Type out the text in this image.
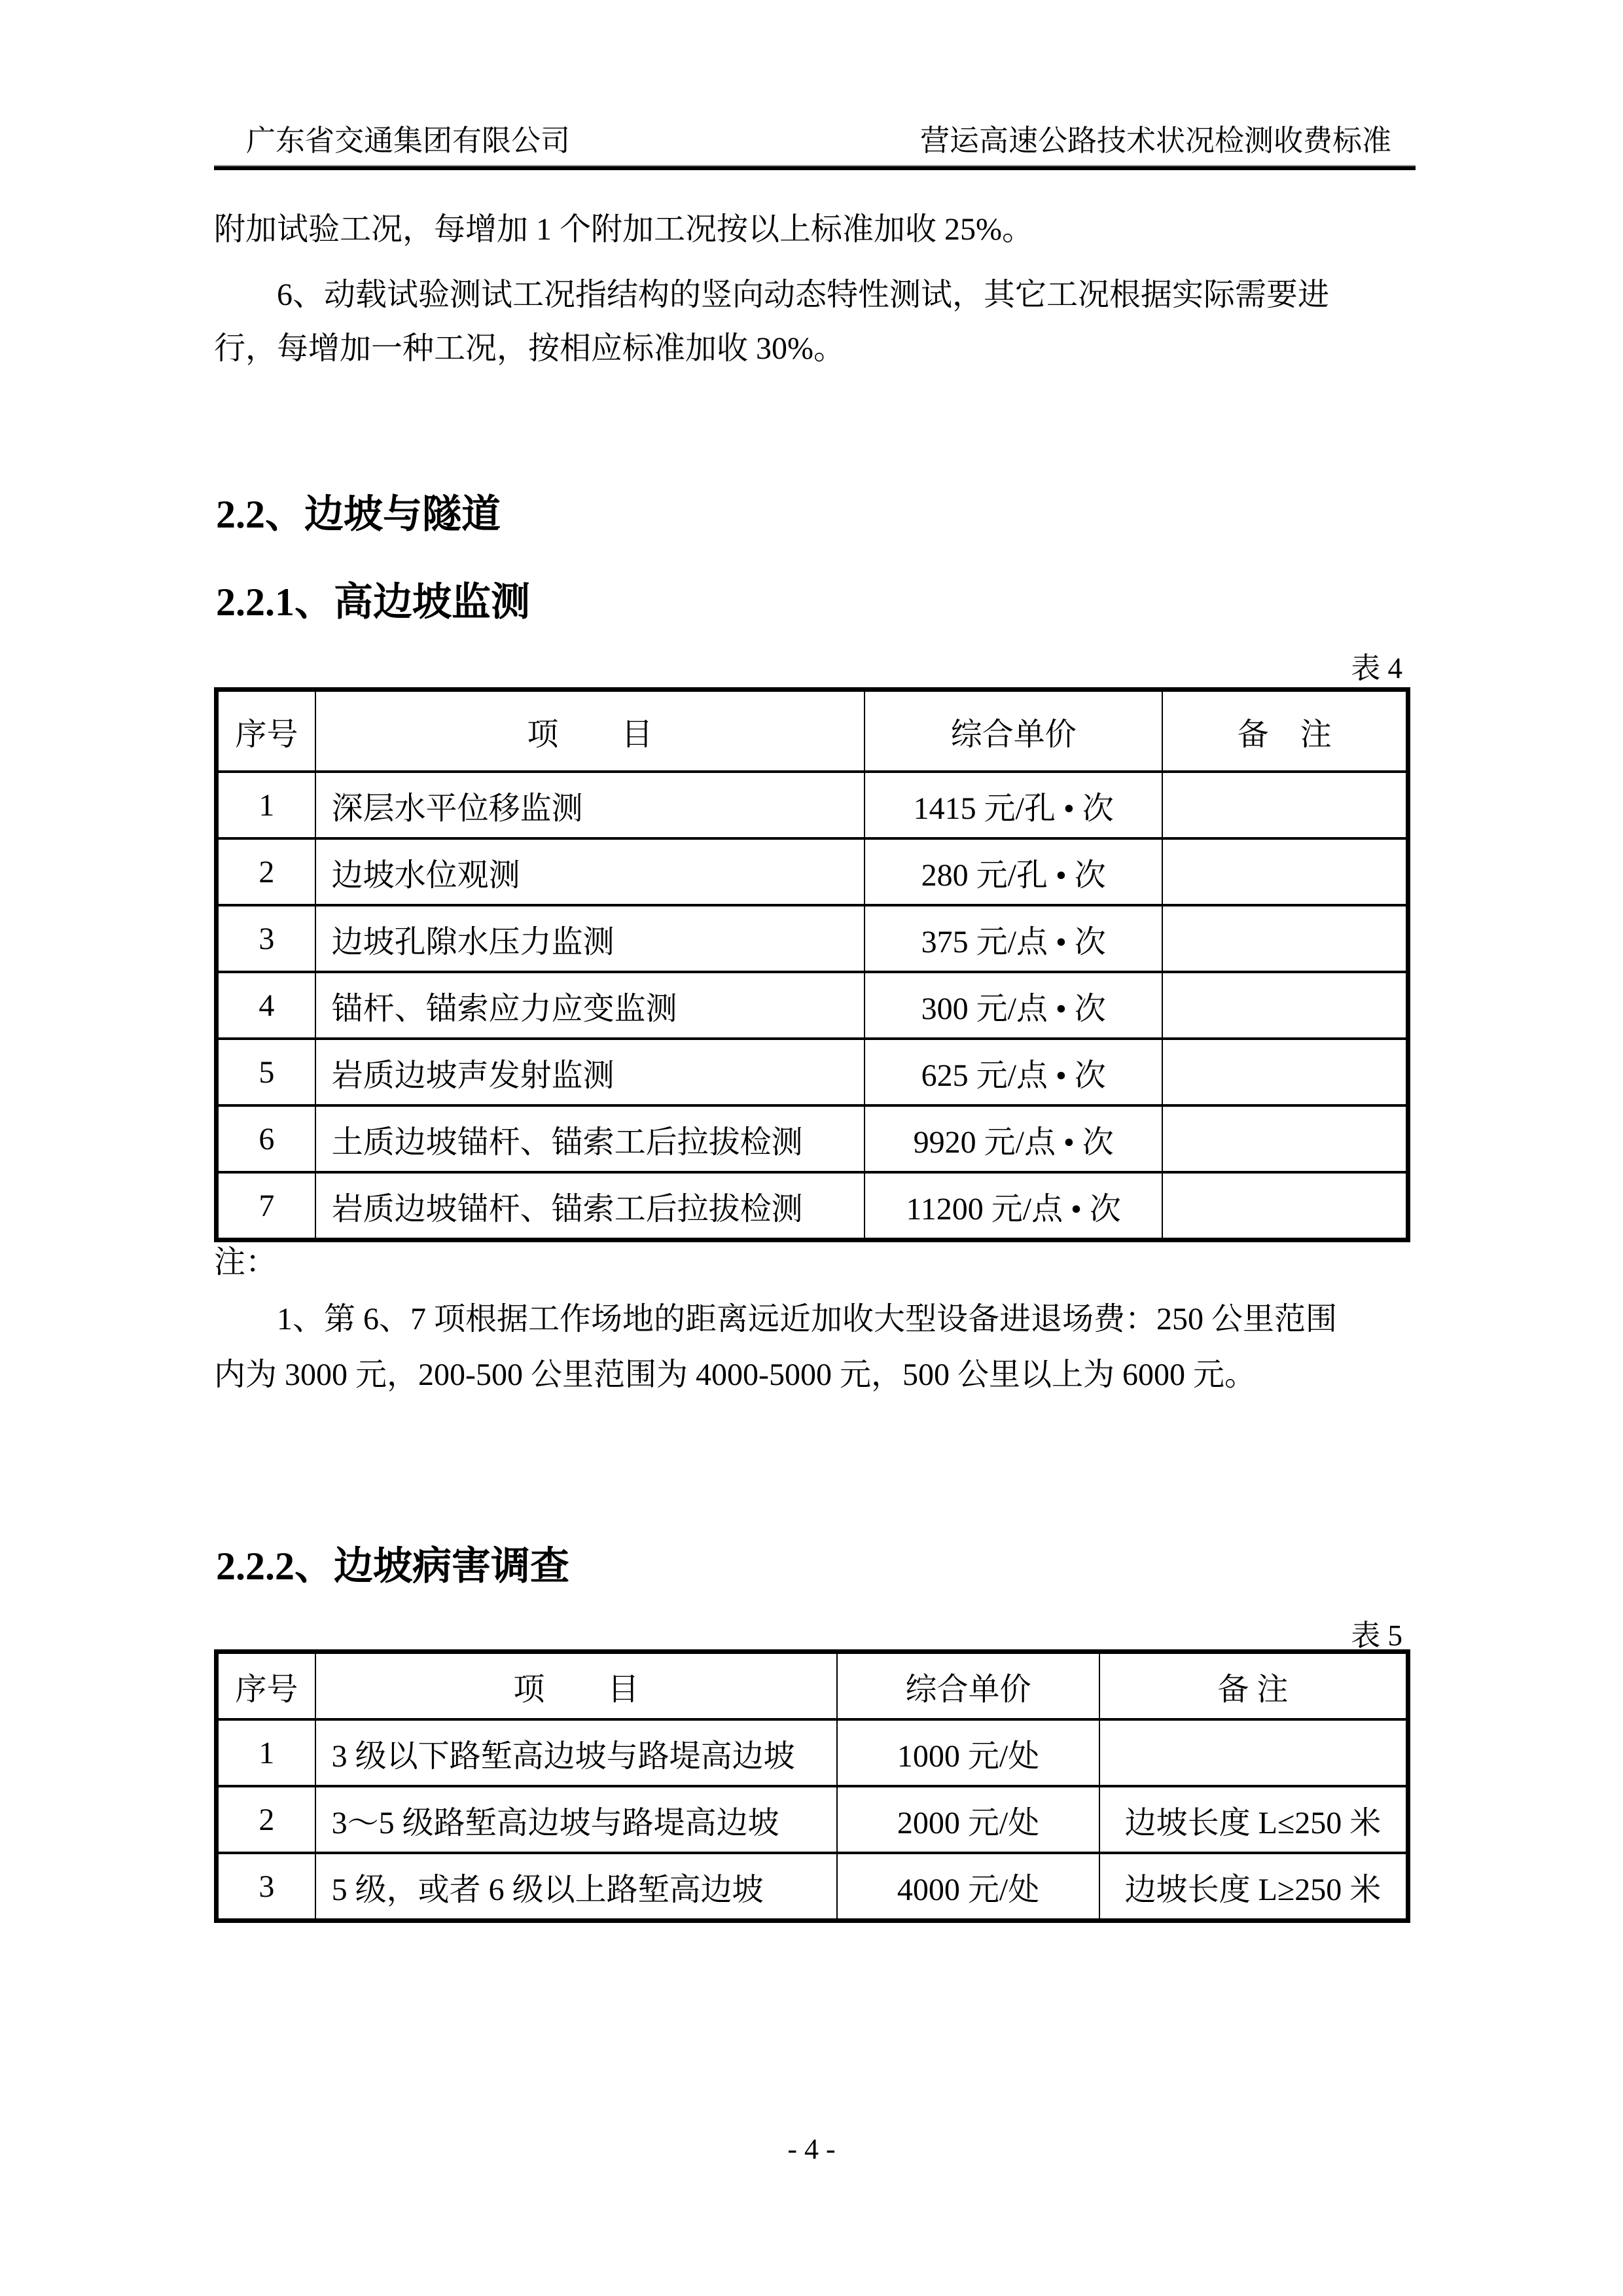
广东省交通集团有限公司	营运高速公路技术状况检测收费标准
附加试验工况，每增加 1 个附加工况按以上标准加收 25%。
6、动载试验测试工况指结构的竖向动态特性测试，其它工况根据实际需要进
行，每增加一种工况，按相应标准加收 30%。
2.2、边坡与隧道
2.2.1、高边坡监测
表 4
序号	项　　目	综合单价	备　注
1	深层水平位移监测	1415 元/孔 • 次	
2	边坡水位观测	280 元/孔 • 次	
3	边坡孔隙水压力监测	375 元/点 • 次	
4	锚杆、锚索应力应变监测	300 元/点 • 次	
5	岩质边坡声发射监测	625 元/点 • 次	
6	土质边坡锚杆、锚索工后拉拔检测	9920 元/点 • 次	
7	岩质边坡锚杆、锚索工后拉拔检测	11200 元/点 • 次	
注：
1、第 6、7 项根据工作场地的距离远近加收大型设备进退场费：250 公里范围
内为 3000 元，200-500 公里范围为 4000-5000 元，500 公里以上为 6000 元。
2.2.2、边坡病害调查
表 5
序号	项　　目	综合单价	备 注
1	3 级以下路堑高边坡与路堤高边坡	1000 元/处	
2	3～5 级路堑高边坡与路堤高边坡	2000 元/处	边坡长度 L≤250 米
3	5 级，或者 6 级以上路堑高边坡	4000 元/处	边坡长度 L≥250 米
- 4 -
